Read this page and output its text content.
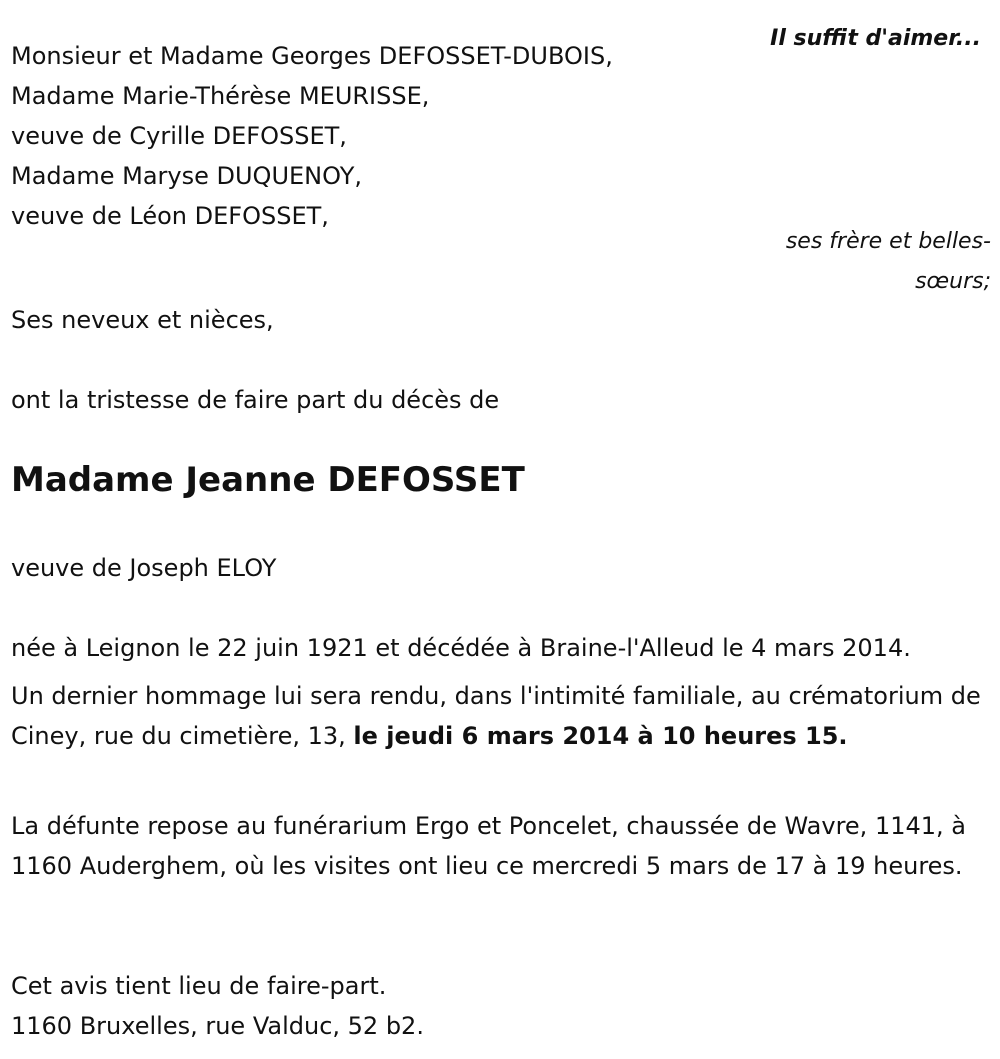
Il suffit d'aimer...
Monsieur et Madame Georges DEFOSSET-DUBOIS,
Madame Marie-Thérèse MEURISSE,
veuve de Cyrille DEFOSSET,
Madame Maryse DUQUENOY,
veuve de Léon DEFOSSET,
ses frère et belles-sœurs;
Ses neveux et nièces,
ont la tristesse de faire part du décès de
Madame Jeanne DEFOSSET
veuve de Joseph ELOY
née à Leignon le 22 juin 1921 et décédée à Braine-l'Alleud le 4 mars 2014.
Un dernier hommage lui sera rendu, dans l'intimité familiale, au crématorium de Ciney, rue du cimetière, 13, le jeudi 6 mars 2014 à 10 heures 15.
La défunte repose au funérarium Ergo et Poncelet, chaussée de Wavre, 1141, à 1160 Auderghem, où les visites ont lieu ce mercredi 5 mars de 17 à 19 heures.
Cet avis tient lieu de faire-part.
1160 Bruxelles, rue Valduc, 52 b2.
